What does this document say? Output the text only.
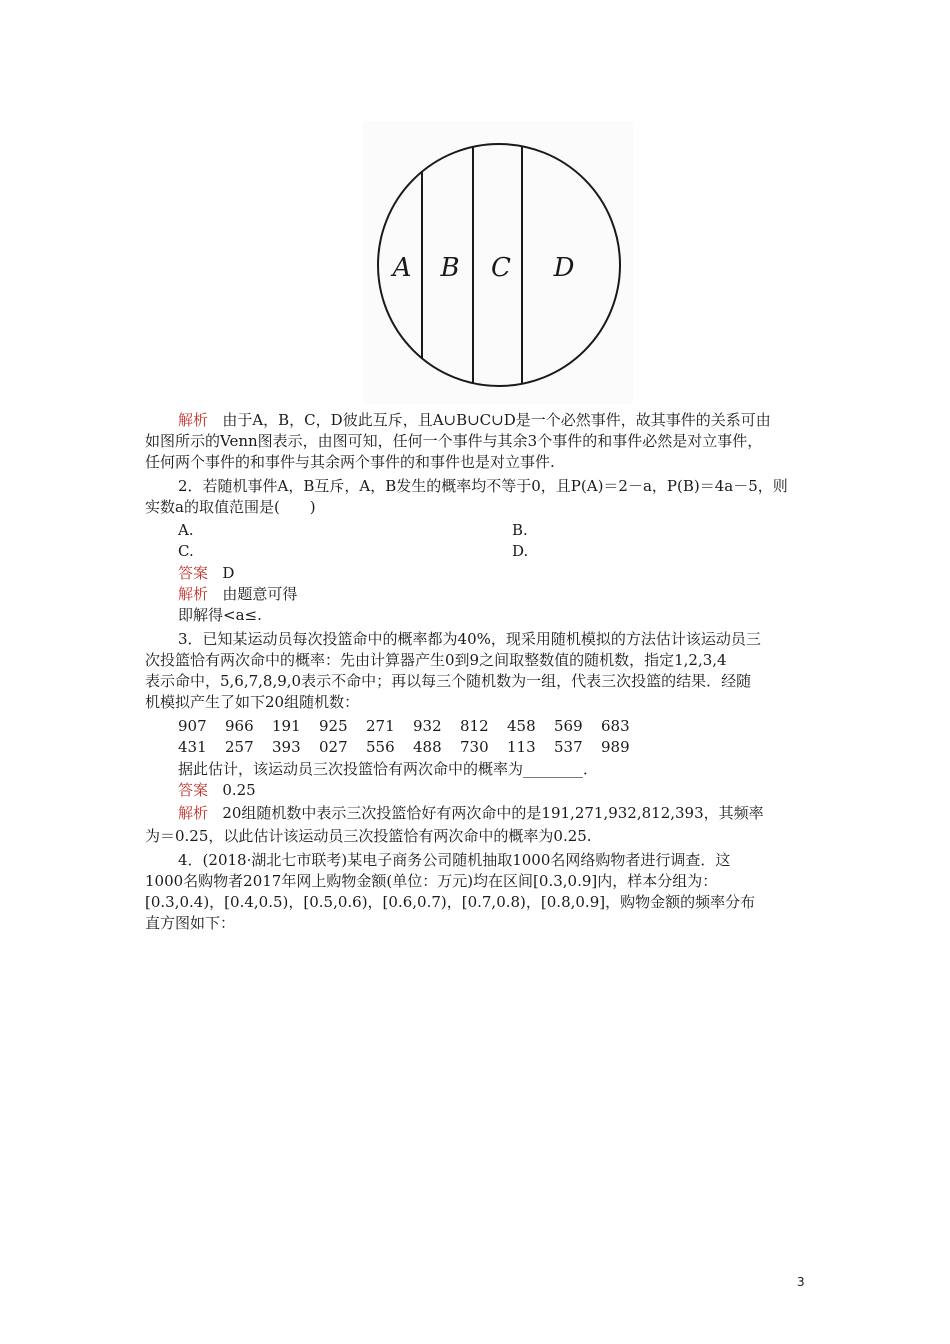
A B C D
解析 由于A，B，C，D彼此互斥，且A∪B∪C∪D是一个必然事件，故其事件的关系可由
如图所示的Venn图表示，由图可知，任何一个事件与其余3个事件的和事件必然是对立事件，
任何两个事件的和事件与其余两个事件的和事件也是对立事件.
2．若随机事件A，B互斥，A，B发生的概率均不等于0，且P(A)＝2－a，P(B)＝4a－5，则
实数a的取值范围是(　　)
A.	B.
C.	D.
答案 D
解析 由题意可得
即解得<a≤.
3．已知某运动员每次投篮命中的概率都为40%，现采用随机模拟的方法估计该运动员三
次投篮恰有两次命中的概率：先由计算器产生0到9之间取整数值的随机数，指定1,2,3,4
表示命中，5,6,7,8,9,0表示不命中；再以每三个随机数为一组，代表三次投篮的结果．经随
机模拟产生了如下20组随机数：
907 966 191 925 271 932 812 458 569 683
431 257 393 027 556 488 730 113 537 989
据此估计，该运动员三次投篮恰有两次命中的概率为________．
答案 0.25
解析 20组随机数中表示三次投篮恰好有两次命中的是191,271,932,812,393，其频率
为＝0.25，以此估计该运动员三次投篮恰有两次命中的概率为0.25.
4．(2018·湖北七市联考)某电子商务公司随机抽取1000名网络购物者进行调查．这
1000名购物者2017年网上购物金额(单位：万元)均在区间[0.3,0.9]内，样本分组为：
[0.3,0.4)，[0.4,0.5)，[0.5,0.6)，[0.6,0.7)，[0.7,0.8)，[0.8,0.9]，购物金额的频率分布
直方图如下：
3
